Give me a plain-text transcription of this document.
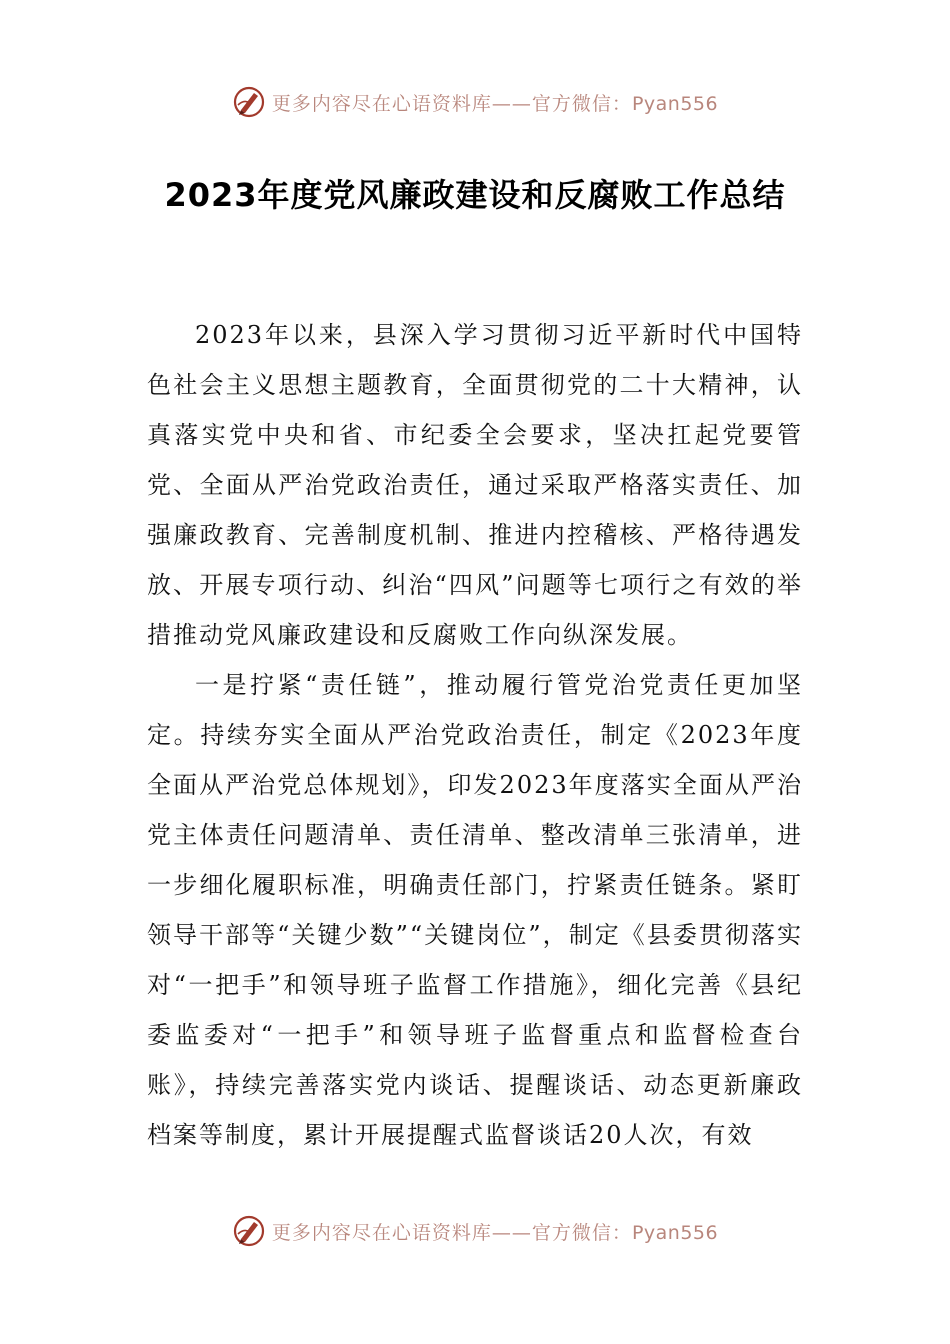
更多内容尽在心语资料库——官方微信：Pyan556
2023年度党风廉政建设和反腐败工作总结

2023年以来，县深入学习贯彻习近平新时代中国特色社会主义思想主题教育，全面贯彻党的二十大精神，认真落实党中央和省、市纪委全会要求，坚决扛起党要管党、全面从严治党政治责任，通过采取严格落实责任、加强廉政教育、完善制度机制、推进内控稽核、严格待遇发放、开展专项行动、纠治“四风”问题等七项行之有效的举措推动党风廉政建设和反腐败工作向纵深发展。

一是拧紧“责任链”，推动履行管党治党责任更加坚定。持续夯实全面从严治党政治责任，制定《2023年度全面从严治党总体规划》，印发2023年度落实全面从严治党主体责任问题清单、责任清单、整改清单三张清单，进一步细化履职标准，明确责任部门，拧紧责任链条。紧盯领导干部等“关键少数”“关键岗位”，制定《县委贯彻落实对“一把手”和领导班子监督工作措施》，细化完善《县纪委监委对“一把手”和领导班子监督重点和监督检查台账》，持续完善落实党内谈话、提醒谈话、动态更新廉政档案等制度，累计开展提醒式监督谈话20人次，有效

更多内容尽在心语资料库——官方微信：Pyan556
